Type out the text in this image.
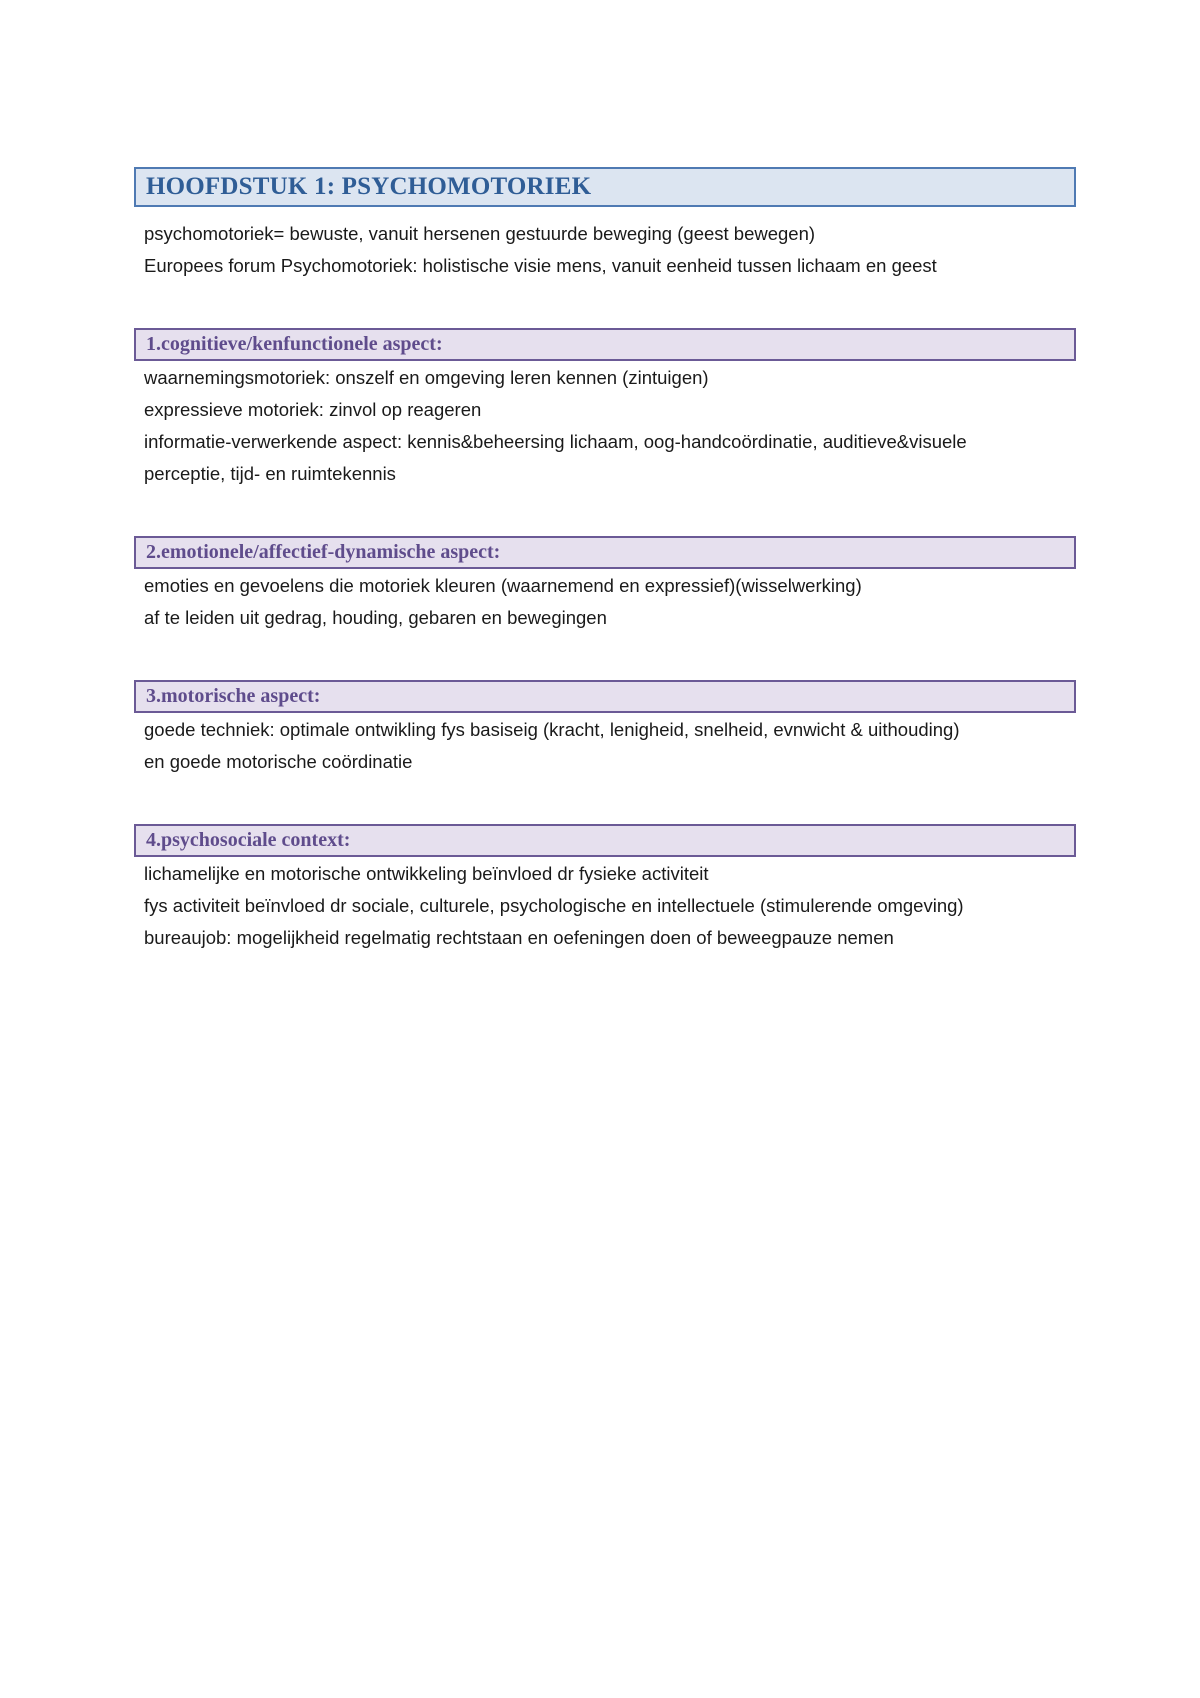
HOOFDSTUK 1: PSYCHOMOTORIEK
psychomotoriek= bewuste, vanuit hersenen gestuurde beweging (geest bewegen)
Europees forum Psychomotoriek: holistische visie mens, vanuit eenheid tussen lichaam en geest
1.cognitieve/kenfunctionele aspect:
waarnemingsmotoriek: onszelf en omgeving leren kennen (zintuigen)
expressieve motoriek: zinvol op reageren
informatie-verwerkende aspect: kennis&beheersing lichaam, oog-handcoördinatie, auditieve&visuele
perceptie, tijd- en ruimtekennis
2.emotionele/affectief-dynamische aspect:
emoties en gevoelens die motoriek kleuren (waarnemend en expressief)(wisselwerking)
af te leiden uit gedrag, houding, gebaren en bewegingen
3.motorische aspect:
goede techniek: optimale ontwikling fys basiseig (kracht, lenigheid, snelheid, evnwicht & uithouding)
en goede motorische coördinatie
4.psychosociale context:
lichamelijke en motorische ontwikkeling beïnvloed dr fysieke activiteit
fys activiteit beïnvloed dr sociale, culturele, psychologische en intellectuele (stimulerende omgeving)
bureaujob: mogelijkheid regelmatig rechtstaan en oefeningen doen of beweegpauze nemen
